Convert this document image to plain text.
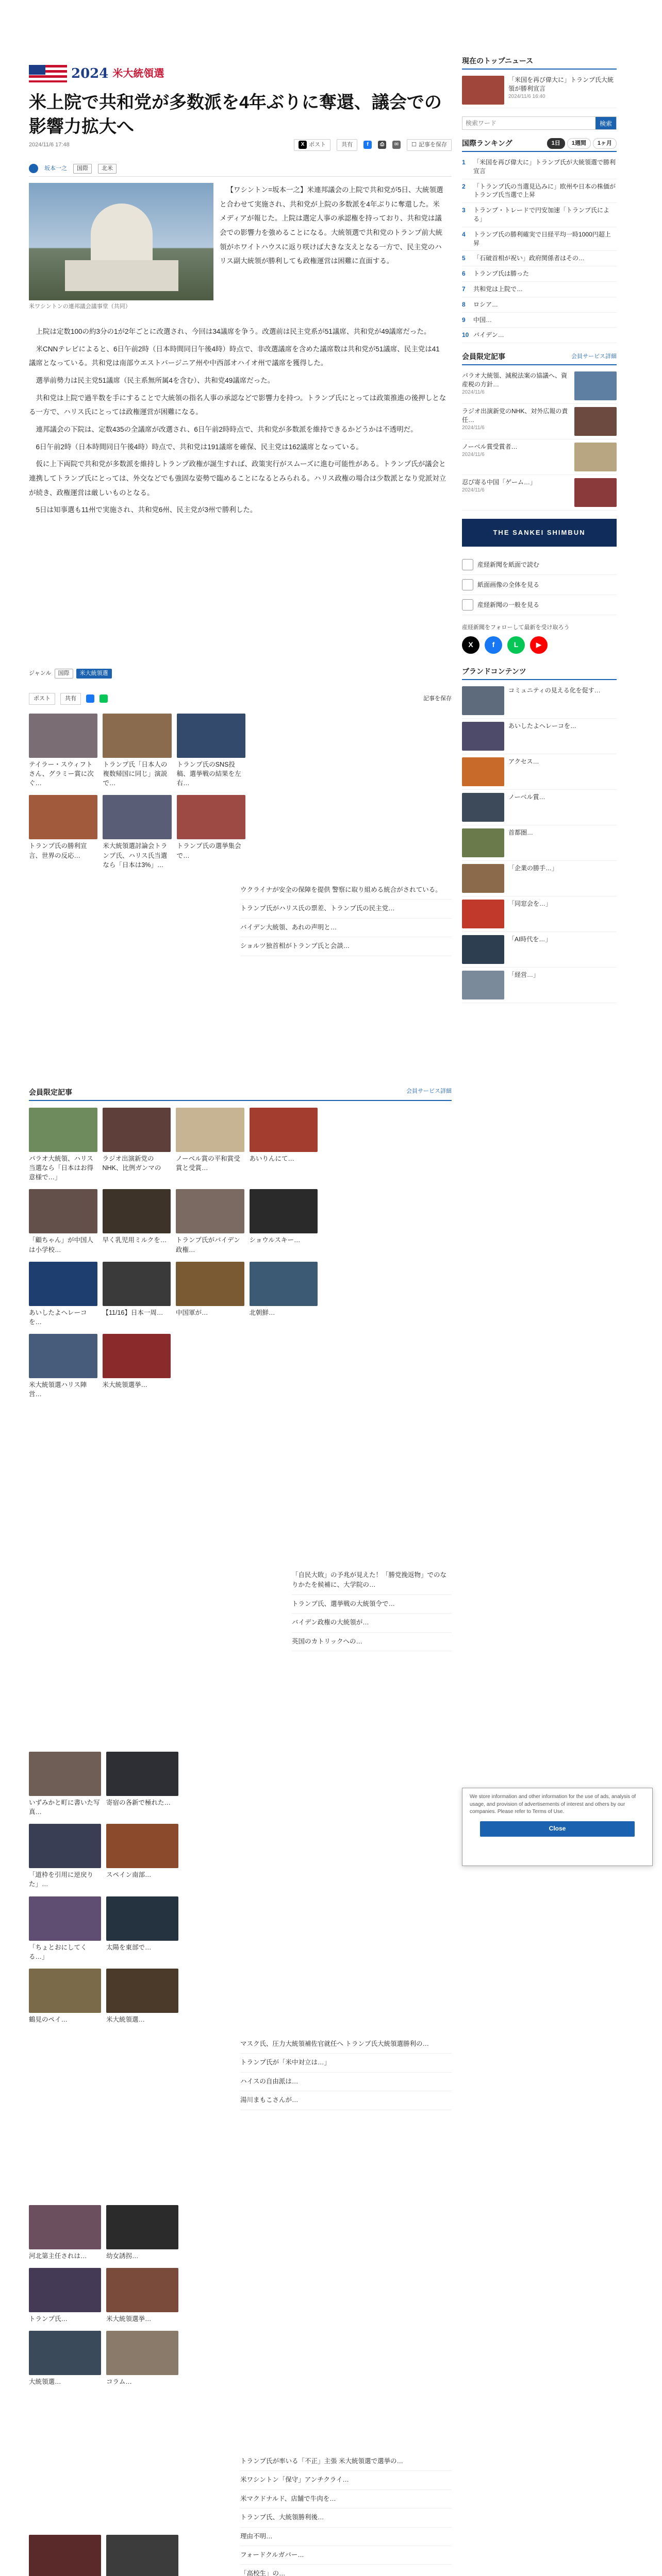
2024 米大統領選
米上院で共和党が多数派を4年ぶりに奪還、議会での影響力拡大へ
2024/11/6 17:48	X ポスト	共有	f	⎙	✉	☐ 記事を保存
坂本一之	国際	北米
米ワシントンの連邦議会議事堂（共同）

【ワシントン=坂本一之】米連邦議会の上院で共和党が5日、大統領選と合わせて実施され、共和党が上院の多数派を4年ぶりに奪還した。米メディアが報じた。上院は選定人事の承認権を持っており、共和党は議会での影響力を強めることになる。大統領選で共和党のトランプ前大統領がホワイトハウスに返り咲けば大きな支えとなる一方で、民主党のハリス副大統領が勝利しても政権運営は困難に直面する。

上院は定数100の約3分の1が2年ごとに改選され、今回は34議席を争う。改選前は民主党系が51議席、共和党が49議席だった。

米CNNテレビによると、6日午前2時（日本時間同日午後4時）時点で、非改選議席を含めた議席数は共和党が51議席、民主党は41議席となっている。共和党は南部ウエストバージニア州や中西部オハイオ州で議席を獲得した。

選挙前勢力は民主党51議席（民主系無所属4を含む）、共和党49議席だった。

共和党は上院で過半数を手にすることで大統領の指名人事の承認などで影響力を持つ。トランプ氏にとっては政策推進の後押しとなる一方で、ハリス氏にとっては政権運営が困難になる。

連邦議会の下院は、定数435の全議席が改選され、6日午前2時時点で、共和党が多数派を維持できるかどうかは不透明だ。

6日午前2時（日本時間同日午後4時）時点で、共和党は191議席を確保、民主党は162議席となっている。

仮に上下両院で共和党が多数派を維持しトランプ政権が誕生すれば、政策実行がスムーズに進む可能性がある。トランプ氏が議会と連携してトランプ氏にとっては、外交などでも強固な姿勢で臨めることになるとみられる。ハリス政権の場合は少数派となり党派対立が続き、政権運営は厳しいものとなる。

5日は知事選も11州で実施され、共和党6州、民主党が3州で勝利した。

ジャンル	国際	米大統領選
ポスト	共有	記事を保存
テイラー・スウィフトさん、グラミー賞に次ぐ…
トランプ氏「日本人の複数帰国に同じ」演説で…
トランプ氏のSNS投稿、選挙戦の結果を左右…
トランプ氏の勝利宣言、世界の反応…
米大統領選討論会トランプ氏、ハリス氏当選なら「日本は3%」…
トランプ氏の選挙集会で…
ウクライナが安全の保障を提供 警察に取り組める統合がされている。
トランプ氏がハリス氏の票差、トランプ氏の民主党…
バイデン大統領、あれの声明と…
ショルツ独首相がトランプ氏と会談…
会員限定記事	会員サービス詳細
パラオ大統領、ハリス当選なら「日本はお得意様で…」
ラジオ出演新党のNHK、比例ガンマの
ノーベル賞の平和賞受賞と受賞…
あいりんにて…
「顧ちゃん」が中国人は小学校…
早く乳児用ミルクを…	トランプ氏がバイデン政権…
ショウルスキー…
あいしたよヘレーコを…
【11/16】日本一周…	中国軍が…	北朝鮮…
米大統領選ハリス陣営…
米大統領選挙…
「自民大敗」の予兆が見えた！「勝党挽返物」でのなりかたを候補に、大学院の…
トランプ氏、選挙戦の大統領令で…
バイデン政権の大統領が…
英国のカトリックへの…
いずみかと町に書いた写真…
寄宿の各新で極れた…
「道枠を引用に逆戻りた」…
スペイン南部…
「ちょとおにしてくる…」
太陽を東部で…
鶴見のペイ…	米大統領選…
マスク氏、圧力大統領補佐官就任へ トランプ氏大統領選勝利の…
トランプ氏が「米中対立は…」
ハイスの自由派は…
湯川まもこさんが…
河北第主任されは…	幼女誘拐…
トランプ氏…	米大統領選挙…
大統領選…	コラム…
トランプ氏が率いる「不正」主張 米大統領選で選挙の…
米ワシントン「保守」アンチクライ…
米マクドナルド、店舗で牛肉を…
トランプ氏、大統領勝利後…
理由不明…
フォードクルガバー…
「高校生」の…
現在のトップニュース
「米国を再び偉大に」トランプ氏大統領が勝利宣言
2024/11/6 16:40
検索ワード
検索
国際ランキング	1日	1週間	1ヶ月
1	「米国を再び偉大に」トランプ氏が大統領選で勝利宣言
2	「トランプ氏の当選見込みに」欧州や日本の株価がトランプ氏当選で上昇
3	トランプ・トレードで円安加速「トランプ氏による」
4	トランプ氏の勝利確実で日経平均一時1000円超上昇
5	「石破首相が祝い」政府関係者はその…
6	トランプ氏は勝った
7	共和党は上院で…
8	ロシア…
9	中国…
10 バイデン…
会員限定記事	会員サービス詳細
パラオ大統領、減税法案の協議へ、資産税の方針…
2024/11/6
ラジオ出演新党のNHK、対外広報の責任…
2024/11/6
ノーベル賞受賞者…
2024/11/6
忍び寄る中国「ゲーム…」
2024/11/6
THE SANKEI SHIMBUN
産経新聞を紙面で読む
紙面画像の全体を見る
産経新聞の一般を見る
産経新聞をフォローして最新を受け取ろう
X	f	L	▶
ブランドコンテンツ
コミュニティの見える化を促す…
あいしたよヘレーコを…
アクセス…
ノーベル賞…
首都圏…
「企業の勝手…」
「同窓会を…」
「AI時代を…」
「経営…」
We store information and other information for the use of ads, analysis of usage, and provision of advertisements of interest and others by our companies. Please refer to Terms of Use.
Close
